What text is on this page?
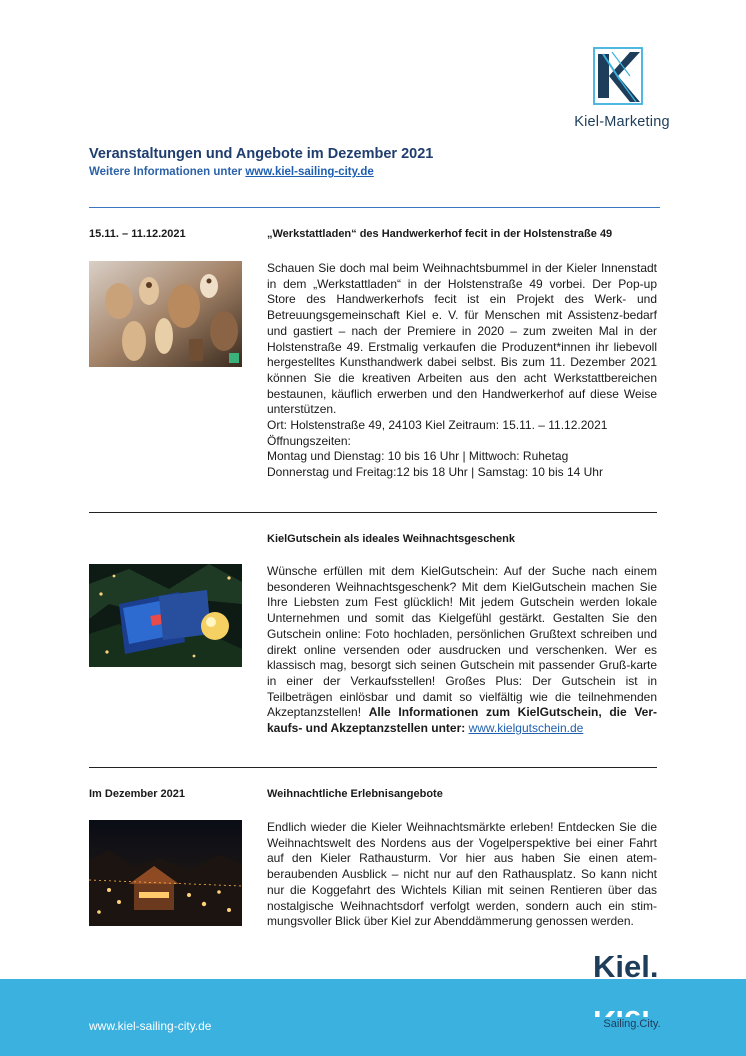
Kiel-Marketing
Veranstaltungen und Angebote im Dezember 2021
Weitere Informationen unter www.kiel-sailing-city.de
15.11. – 11.12.2021	„Werkstattladen“ des Handwerkerhof fecit in der Holstenstraße 49

Schauen Sie doch mal beim Weihnachtsbummel in der Kieler Innenstadt in dem „Werkstattladen“ in der Holstenstraße 49 vorbei. Der Pop-up Store des Handwerkerhofs fecit ist ein Projekt des Werk- und Betreuungsgemeinschaft Kiel e. V. für Menschen mit Assistenz-bedarf und gastiert – nach der Premiere in 2020 – zum zweiten Mal in der Holstenstraße 49. Erstmalig verkaufen die Produzent*innen ihr liebevoll hergestelltes Kunsthandwerk dabei selbst. Bis zum 11. Dezember 2021 können Sie die kreativen Arbeiten aus den acht Werkstattbereichen bestaunen, käuflich erwerben und den Handwerkerhof auf diese Weise unterstützen.

Ort: Holstenstraße 49, 24103 Kiel Zeitraum: 15.11. – 11.12.2021

Öffnungszeiten:

Montag und Dienstag: 10 bis 16 Uhr | Mittwoch: Ruhetag

Donnerstag und Freitag:12 bis 18 Uhr | Samstag: 10 bis 14 Uhr

KielGutschein als ideales Weihnachtsgeschenk

Wünsche erfüllen mit dem KielGutschein: Auf der Suche nach einem besonderen Weihnachtsgeschenk? Mit dem KielGutschein machen Sie Ihre Liebsten zum Fest glücklich! Mit jedem Gutschein werden lokale Unternehmen und somit das Kielgefühl gestärkt. Gestalten Sie den Gutschein online: Foto hochladen, persönlichen Grußtext schreiben und direkt online versenden oder ausdrucken und verschenken. Wer es klassisch mag, besorgt sich seinen Gutschein mit passender Gruß-karte in einer der Verkaufsstellen! Großes Plus: Der Gutschein ist in Teilbeträgen einlösbar und damit so vielfältig wie die teilnehmenden Akzeptanzstellen! Alle Informationen zum KielGutschein, die Ver-kaufs- und Akzeptanzstellen unter: www.kielgutschein.de

Im Dezember 2021	Weihnachtliche Erlebnisangebote

Endlich wieder die Kieler Weihnachtsmärkte erleben! Entdecken Sie die Weihnachtswelt des Nordens aus der Vogelperspektive bei einer Fahrt auf den Kieler Rathausturm. Vor hier aus haben Sie einen atem-beraubenden Ausblick – nicht nur auf den Rathausplatz. So kann nicht nur die Koggefahrt des Wichtels Kilian mit seinen Rentieren über das nostalgische Weihnachtsdorf verfolgt werden, sondern auch ein stim-mungsvoller Blick über Kiel zur Abenddämmerung genossen werden.

www.kiel-sailing-city.de
Kiel.
Sailing.City.
